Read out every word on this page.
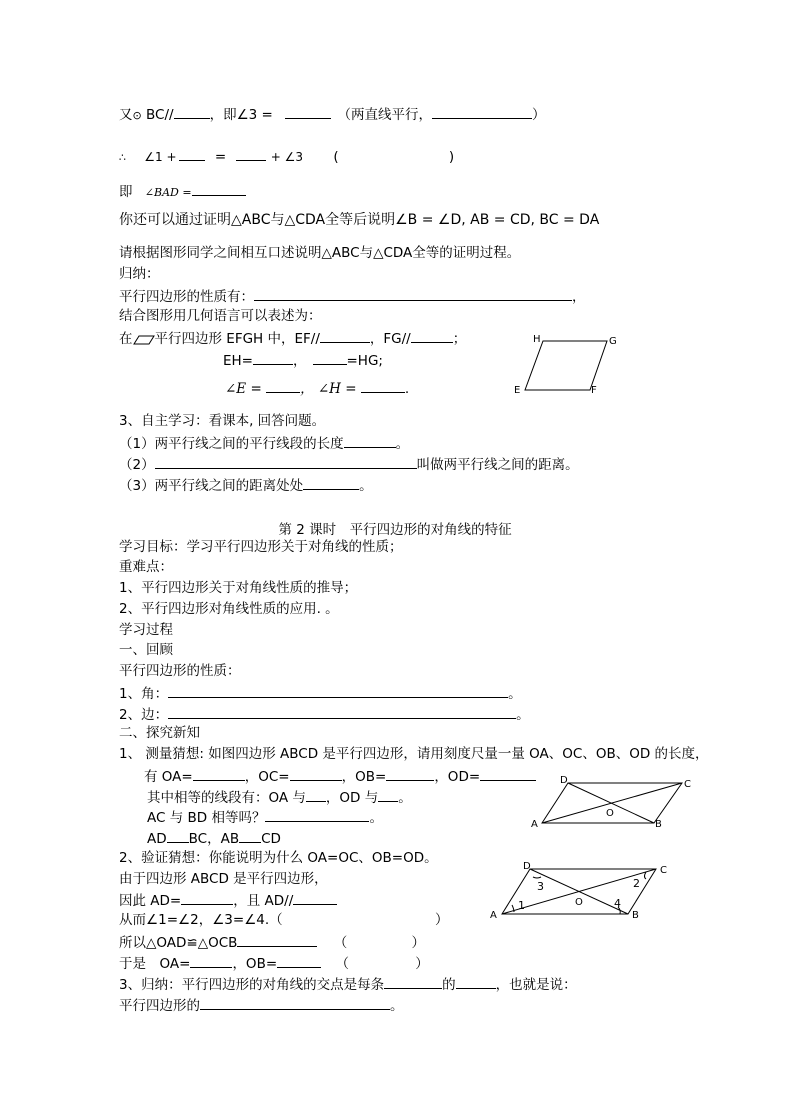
又⊙ BC//	，即∠3 =	（两直线平行，	）
∴ ∠1 +	=	+ ∠3 (	)
即 ∠BAD =
你还可以通过证明△ABC与△CDA全等后说明∠B = ∠D, AB = CD, BC = DA
请根据图形同学之间相互口述说明△ABC与△CDA全等的证明过程。
归纳：
平行四边形的性质有：	，
结合图形用几何语言可以表述为：
在 平行四边形 EFGH 中，EF//	，FG//	；
EH=	，	=HG;
∠E =	， ∠H =	.
H	G
E	F
3、自主学习：看课本, 回答问题。
（1）两平行线之间的平行线段的长度	。
（2）	叫做两平行线之间的距离。
（3）两平行线之间的距离处处	。
第 2 课时　平行四边形的对角线的特征
学习目标：学习平行四边形关于对角线的性质；
重难点：
1、平行四边形关于对角线性质的推导；
2、平行四边形对角线性质的应用. 。
学习过程
一、回顾
平行四边形的性质：
1、角：	。
2、边：	。
二、探究新知
1、 测量猜想: 如图四边形 ABCD 是平行四边形，请用刻度尺量一量 OA、OC、OB、OD 的长度，
有 OA=	，OC=	，OB=	，OD=
其中相等的线段有：OA 与 ，OD 与 。
AC 与 BD 相等吗？	。
AD BC，AB CD
2、验证猜想：你能说明为什么 OA=OC、OB=OD。
由于四边形 ABCD 是平行四边形，
因此 AD=	，且 AD//
从而∠1=∠2，∠3=∠4.（	）
所以△OAD≌△OCB	（	）
于是　OA=	，OB=	（	）
3、归纳：平行四边形的对角线的交点是每条	的	，也就是说：
平行四边形的	。
D	C
A	B
O
D	C
A	B
O
1
2
3
4
